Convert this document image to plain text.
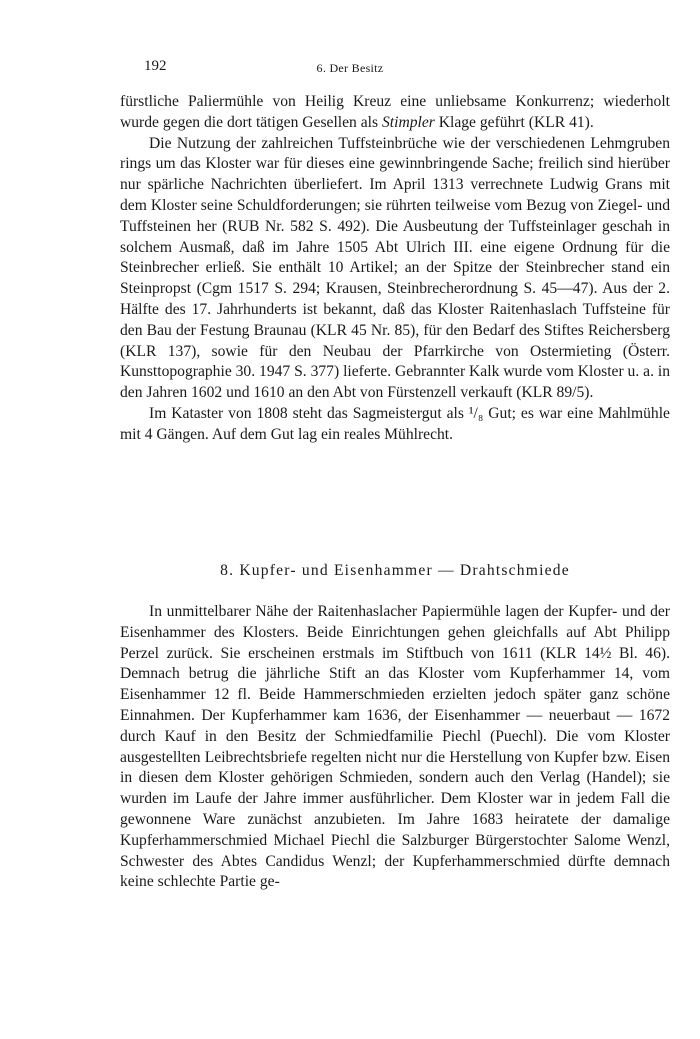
192	6. Der Besitz

fürstliche Paliermühle von Heilig Kreuz eine unliebsame Konkurrenz; wiederholt wurde gegen die dort tätigen Gesellen als Stimpler Klage geführt (KLR 41).

Die Nutzung der zahlreichen Tuffsteinbrüche wie der verschiedenen Lehmgruben rings um das Kloster war für dieses eine gewinnbringende Sache; freilich sind hierüber nur spärliche Nachrichten überliefert. Im April 1313 verrechnete Ludwig Grans mit dem Kloster seine Schuldforderungen; sie rührten teilweise vom Bezug von Ziegel- und Tuffsteinen her (RUB Nr. 582 S. 492). Die Ausbeutung der Tuffsteinlager geschah in solchem Ausmaß, daß im Jahre 1505 Abt Ulrich III. eine eigene Ordnung für die Steinbrecher erließ. Sie enthält 10 Artikel; an der Spitze der Steinbrecher stand ein Steinpropst (Cgm 1517 S. 294; Krausen, Steinbrecherordnung S. 45—47). Aus der 2. Hälfte des 17. Jahrhunderts ist bekannt, daß das Kloster Raitenhaslach Tuffsteine für den Bau der Festung Braunau (KLR 45 Nr. 85), für den Bedarf des Stiftes Reichersberg (KLR 137), sowie für den Neubau der Pfarrkirche von Ostermieting (Österr. Kunsttopographie 30. 1947 S. 377) lieferte. Gebrannter Kalk wurde vom Kloster u. a. in den Jahren 1602 und 1610 an den Abt von Fürstenzell verkauft (KLR 89/5).

Im Kataster von 1808 steht das Sagmeistergut als ¹/₈ Gut; es war eine Mahlmühle mit 4 Gängen. Auf dem Gut lag ein reales Mühlrecht.

8. Kupfer- und Eisenhammer — Drahtschmiede

In unmittelbarer Nähe der Raitenhaslacher Papiermühle lagen der Kupfer- und der Eisenhammer des Klosters. Beide Einrichtungen gehen gleichfalls auf Abt Philipp Perzel zurück. Sie erscheinen erstmals im Stiftbuch von 1611 (KLR 14½ Bl. 46). Demnach betrug die jährliche Stift an das Kloster vom Kupferhammer 14, vom Eisenhammer 12 fl. Beide Hammerschmieden erzielten jedoch später ganz schöne Einnahmen. Der Kupferhammer kam 1636, der Eisenhammer — neuerbaut — 1672 durch Kauf in den Besitz der Schmiedfamilie Piechl (Puechl). Die vom Kloster ausgestellten Leibrechtsbriefe regelten nicht nur die Herstellung von Kupfer bzw. Eisen in diesen dem Kloster gehörigen Schmieden, sondern auch den Verlag (Handel); sie wurden im Laufe der Jahre immer ausführlicher. Dem Kloster war in jedem Fall die gewonnene Ware zunächst anzubieten. Im Jahre 1683 heiratete der damalige Kupferhammerschmied Michael Piechl die Salzburger Bürgerstochter Salome Wenzl, Schwester des Abtes Candidus Wenzl; der Kupferhammerschmied dürfte demnach keine schlechte Partie ge-
